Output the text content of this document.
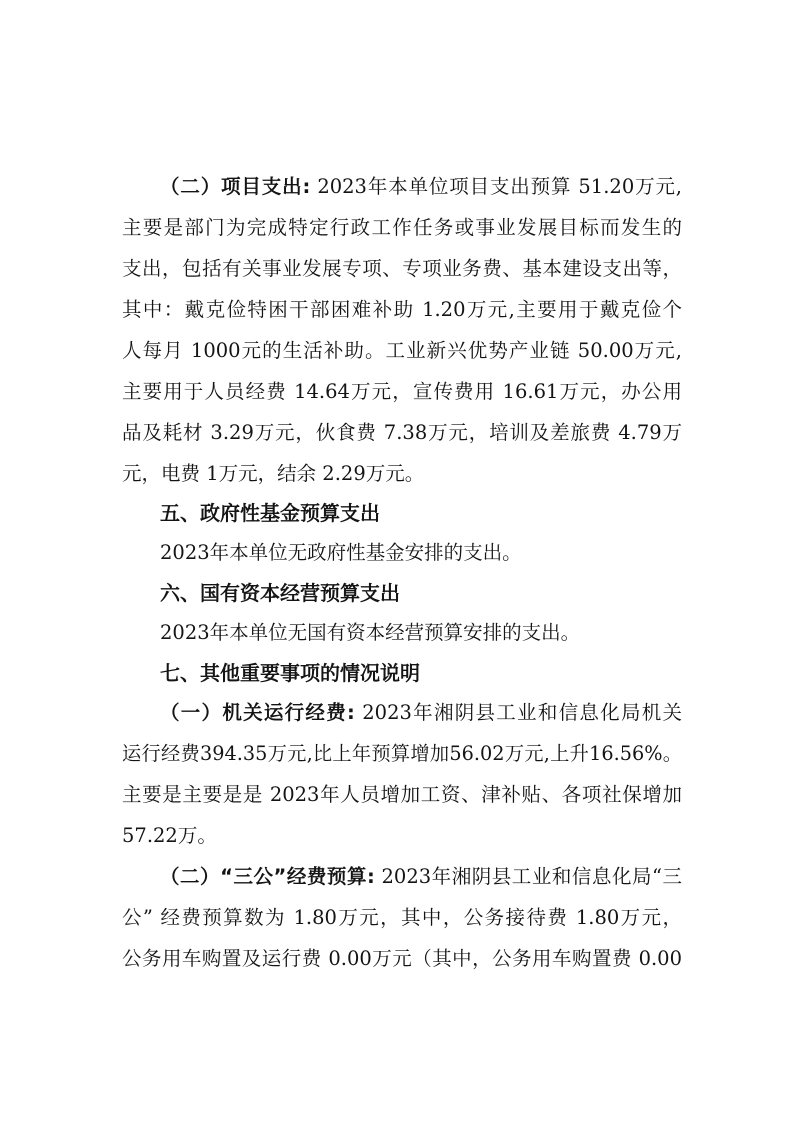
（二）项目支出: 2023年本单位项目支出预算 51.20万元,
主要是部门为完成特定行政工作任务或事业发展目标而发生的
支出，包括有关事业发展专项、专项业务费、基本建设支出等，
其中：戴克俭特困干部困难补助 1.20万元,主要用于戴克俭个
人每月 1000元的生活补助。工业新兴优势产业链 50.00万元,
主要用于人员经费 14.64万元，宣传费用 16.61万元，办公用
品及耗材 3.29万元，伙食费 7.38万元，培训及差旅费 4.79万
元，电费 1万元，结余 2.29万元。
五、政府性基金预算支出
2023年本单位无政府性基金安排的支出。
六、国有资本经营预算支出
2023年本单位无国有资本经营预算安排的支出。
七、其他重要事项的情况说明
（一）机关运行经费: 2023年湘阴县工业和信息化局机关
运行经费394.35万元,比上年预算增加56.02万元,上升16.56%。
主要是主要是是 2023年人员增加工资、津补贴、各项社保增加
57.22万。
（二）“三公”经费预算: 2023年湘阴县工业和信息化局“三
公” 经费预算数为 1.80万元，其中，公务接待费 1.80万元，
公务用车购置及运行费 0.00万元（其中，公务用车购置费 0.00
